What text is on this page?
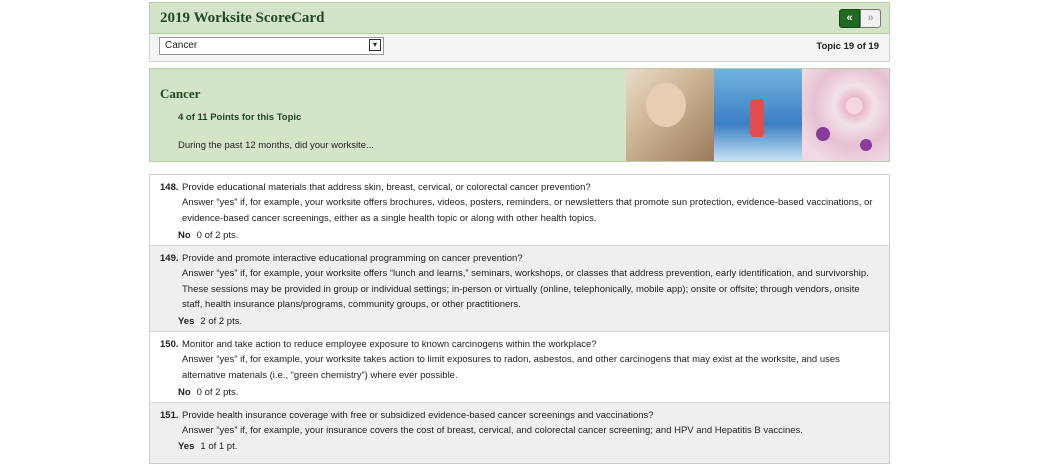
2019 Worksite ScoreCard	«	»
Cancer	▾	Topic 19 of 19
Cancer
4 of 11 Points for this Topic
During the past 12 months, did your worksite...
148. Provide educational materials that address skin, breast, cervical, or colorectal cancer prevention?
Answer “yes” if, for example, your worksite offers brochures, videos, posters, reminders, or newsletters that promote sun protection, evidence-based vaccinations, or evidence-based cancer screenings, either as a single health topic or along with other health topics.
No 0 of 2 pts.
149. Provide and promote interactive educational programming on cancer prevention?
Answer “yes” if, for example, your worksite offers “lunch and learns,” seminars, workshops, or classes that address prevention, early identification, and survivorship. These sessions may be provided in group or individual settings; in-person or virtually (online, telephonically, mobile app); onsite or offsite; through vendors, onsite staff, health insurance plans/programs, community groups, or other practitioners.
Yes 2 of 2 pts.
150. Monitor and take action to reduce employee exposure to known carcinogens within the workplace?
Answer “yes” if, for example, your worksite takes action to limit exposures to radon, asbestos, and other carcinogens that may exist at the worksite, and uses alternative materials (i.e., “green chemistry”) where ever possible.
No 0 of 2 pts.
151. Provide health insurance coverage with free or subsidized evidence-based cancer screenings and vaccinations?
Answer “yes” if, for example, your insurance covers the cost of breast, cervical, and colorectal cancer screening; and HPV and Hepatitis B vaccines.
Yes 1 of 1 pt.
